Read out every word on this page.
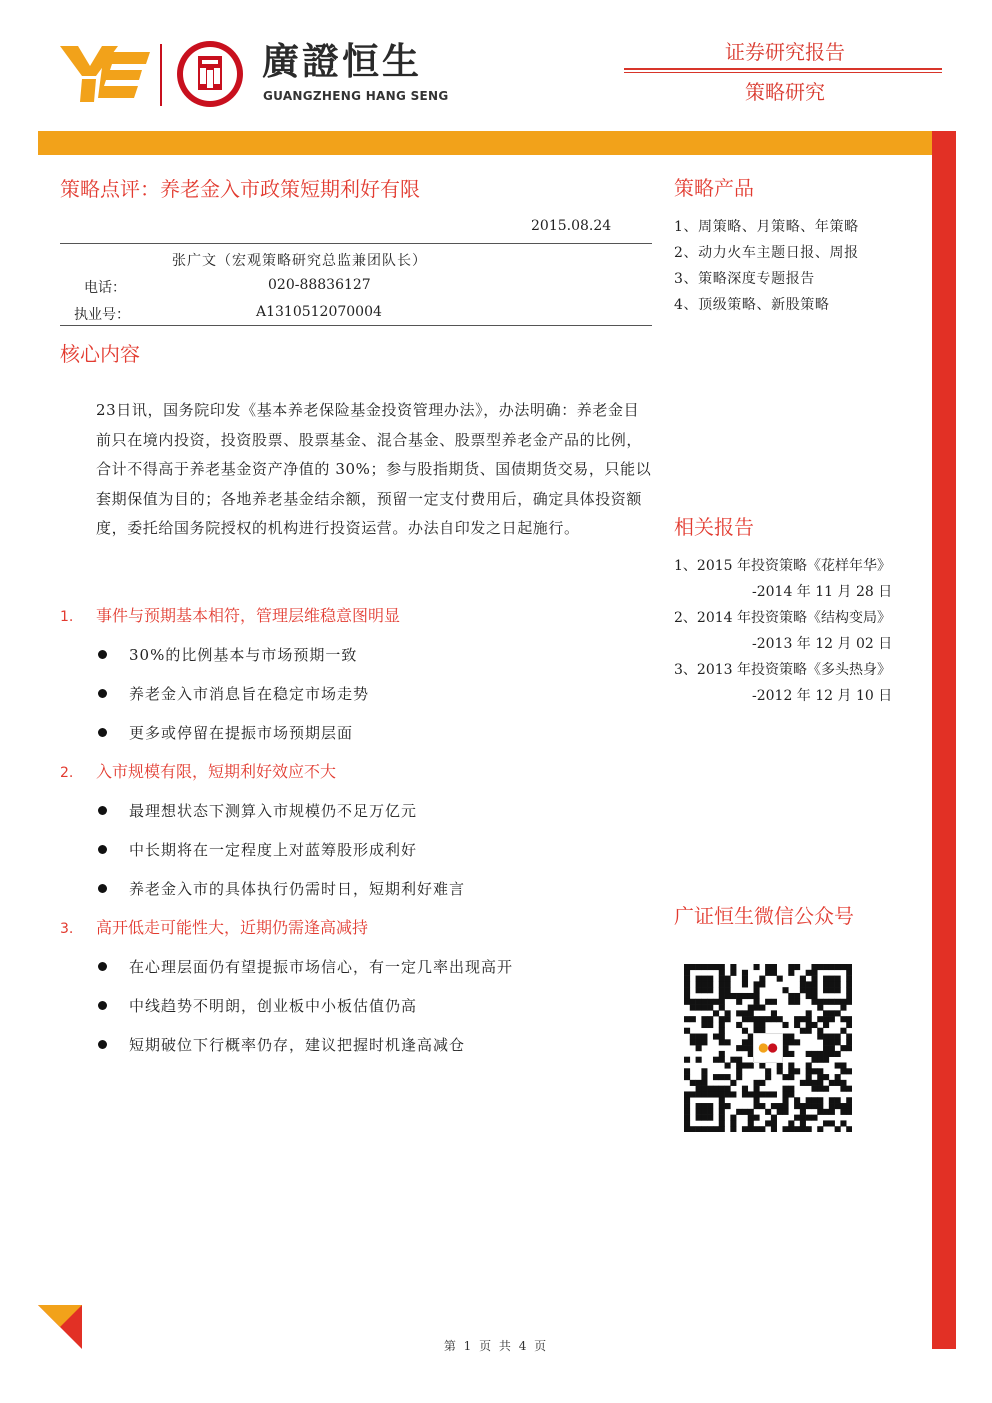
廣證恒生
GUANGZHENG HANG SENG
证券研究报告
策略研究
策略点评：养老金入市政策短期利好有限
2015.08.24
张广文（宏观策略研究总监兼团队长）
电话：	020-88836127
执业号：	A1310512070004
核心内容
23日讯，国务院印发《基本养老保险基金投资管理办法》，办法明确：养老金目前只在境内投资，投资股票、股票基金、混合基金、股票型养老金产品的比例，合计不得高于养老基金资产净值的 30%；参与股指期货、国债期货交易，只能以套期保值为目的；各地养老基金结余额，预留一定支付费用后，确定具体投资额度，委托给国务院授权的机构进行投资运营。办法自印发之日起施行。
1. 事件与预期基本相符，管理层维稳意图明显
30%的比例基本与市场预期一致
养老金入市消息旨在稳定市场走势
更多或停留在提振市场预期层面
2. 入市规模有限，短期利好效应不大
最理想状态下测算入市规模仍不足万亿元
中长期将在一定程度上对蓝筹股形成利好
养老金入市的具体执行仍需时日，短期利好难言
3. 高开低走可能性大，近期仍需逢高减持
在心理层面仍有望提振市场信心，有一定几率出现高开
中线趋势不明朗，创业板中小板估值仍高
短期破位下行概率仍存，建议把握时机逢高减仓
策略产品
1、周策略、月策略、年策略
2、动力火车主题日报、周报
3、策略深度专题报告
4、顶级策略、新股策略
相关报告
1、2015 年投资策略《花样年华》
-2014 年 11 月 28 日
2、2014 年投资策略《结构变局》
-2013 年 12 月 02 日
3、2013 年投资策略《多头热身》
-2012 年 12 月 10 日
广证恒生微信公众号
第 1 页 共 4 页
